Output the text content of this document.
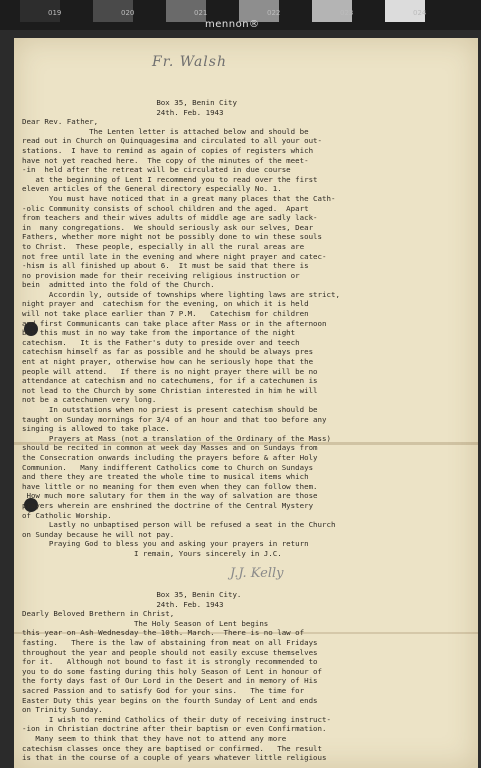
019	020	021	022	023	024
mennon®
Fr. Walsh
Box 35, Benin City
24th. Feb. 1943
Dear Rev. Father,
The Lenten letter is attached below and should be
read out in Church on Quinquagesima and circulated to all your out-
stations.  I have to remind as again of copies of registers which
have not yet reached here.  The copy of the minutes of the meet-
-in  held after the retreat will be circulated in due course
at the beginning of Lent I recommend you to read over the first
eleven articles of the General directory especially No. 1.
You must have noticed that in a great many places that the Cath-
-olic Community consists of school children and the aged.  Apart
from teachers and their wives adults of middle age are sadly lack-
in  many congregations.  We should seriously ask our selves, Dear
Fathers, whether more might not be possibly done to win these souls
to Christ.  These people, especially in all the rural areas are
not free until late in the evening and where night prayer and catec-
-hism is all finished up about 6.  It must be said that there is
no provision made for their receiving religious instruction or
bein  admitted into the fold of the Church.
Accordin ly, outside of townships where lighting laws are strict,
night prayer and  catechism for the evening, on which it is held
will not take place earlier than 7 P.M.   Catechism for children
and first Communicants can take place after Mass or in the afternoon
but this must in no way take from the importance of the night
catechism.   It is the Father's duty to preside over and teech
catechism himself as far as possible and he should be always pres
ent at night prayer, otherwise how can he seriously hope that the
people will attend.   If there is no night prayer there will be no
attendance at catechism and no catechumens, for if a catechumen is
not lead to the Church by some Christian interested in him he will
not be a catechumen very long.
In outstations when no priest is present catechism should be
taught on Sunday mornings for 3/4 of an hour and that too before any
singing is allowed to take place.
Prayers at Mass (not a translation of the Ordinary of the Mass)
should be recited in common at week day Masses and on Sundays from
the Consecration onwards including the prayers before & after Holy
Communion.   Many indifferent Catholics come to Church on Sundays
and there they are treated the whole time to musical items which
have little or no meaning for them even when they can follow them.
How much more salutary for them in the way of salvation are those
prayers wherein are enshrined the doctrine of the Central Mystery
of Catholic Worship.
Lastly no unbaptised person will be refused a seat in the Church
on Sunday because he will not pay.
Praying God to bless you and asking your prayers in return
I remain, Yours sincerely in J.C.
J.J. Kelly
Box 35, Benin City.
24th. Feb. 1943
Dearly Beloved Brethern in Christ,
The Holy Season of Lent begins
this year on Ash Wednesday the 10th. March.  There is no law of
fasting.   There is the law of abstaining from meat on all Fridays
throughout the year and people should not easily excuse themselves
for it.   Although not bound to fast it is strongly recommended to
you to do some fasting during this holy Season of Lent in honour of
the forty days fast of Our Lord in the Desert and in memory of His
sacred Passion and to satisfy God for your sins.   The time for
Easter Duty this year begins on the fourth Sunday of Lent and ends
on Trinity Sunday.
I wish to remind Catholics of their duty of receiving instruct-
-ion in Christian doctrine after their baptism or even Confirmation.
Many seem to think that they have not to attend any more
catechism classes once they are baptised or confirmed.   The result
is that in the course of a couple of years whatever little religious
